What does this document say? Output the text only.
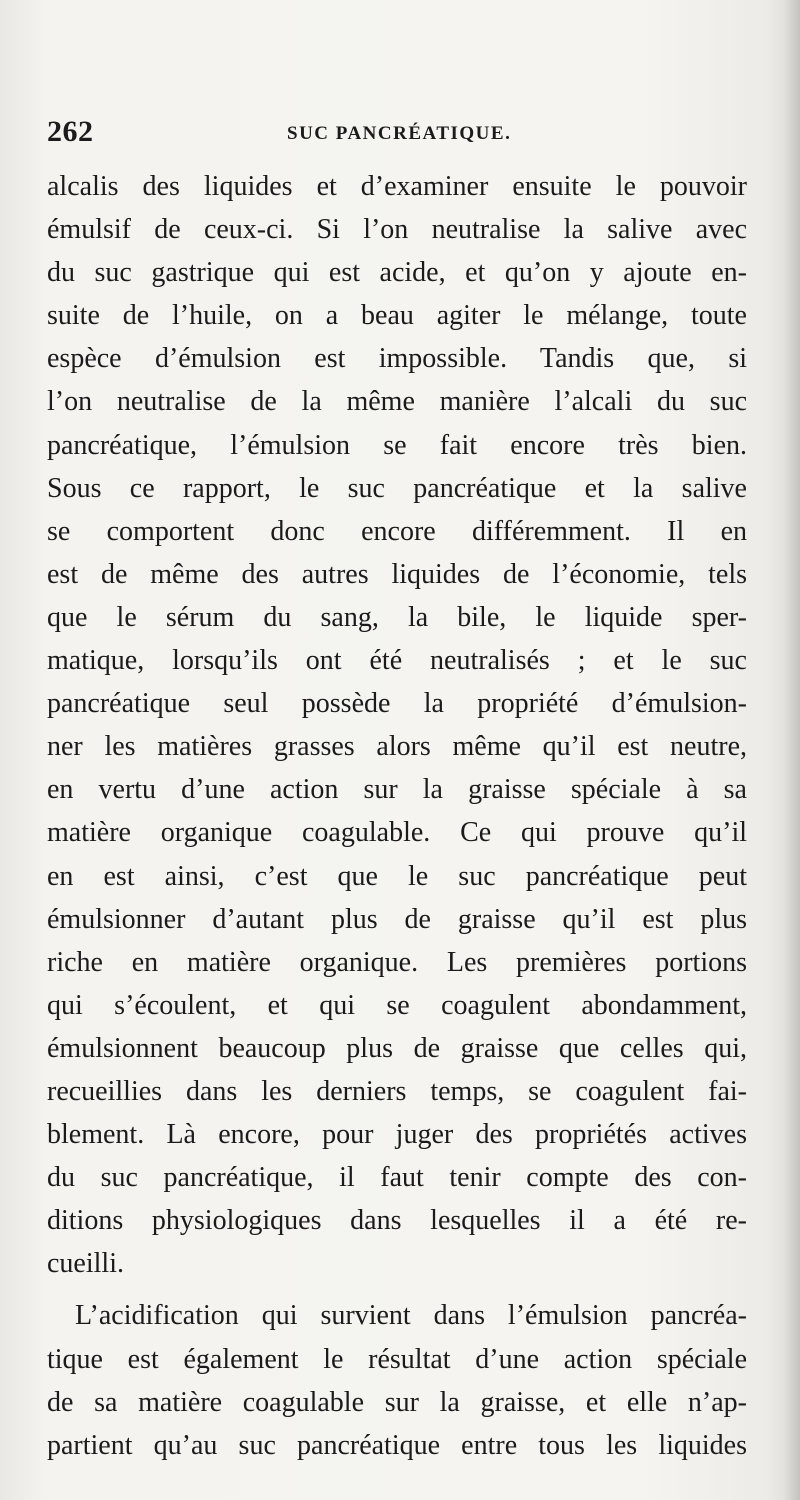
262	SUC PANCRÉATIQUE.
alcalis des liquides et d’examiner ensuite le pouvoir
émulsif de ceux-ci. Si l’on neutralise la salive avec
du suc gastrique qui est acide, et qu’on y ajoute en-
suite de l’huile, on a beau agiter le mélange, toute
espèce d’émulsion est impossible. Tandis que, si
l’on neutralise de la même manière l’alcali du suc
pancréatique, l’émulsion se fait encore très bien.
Sous ce rapport, le suc pancréatique et la salive
se comportent donc encore différemment. Il en
est de même des autres liquides de l’économie, tels
que le sérum du sang, la bile, le liquide sper-
matique, lorsqu’ils ont été neutralisés ; et le suc
pancréatique seul possède la propriété d’émulsion-
ner les matières grasses alors même qu’il est neutre,
en vertu d’une action sur la graisse spéciale à sa
matière organique coagulable. Ce qui prouve qu’il
en est ainsi, c’est que le suc pancréatique peut
émulsionner d’autant plus de graisse qu’il est plus
riche en matière organique. Les premières portions
qui s’écoulent, et qui se coagulent abondamment,
émulsionnent beaucoup plus de graisse que celles qui,
recueillies dans les derniers temps, se coagulent fai-
blement. Là encore, pour juger des propriétés actives
du suc pancréatique, il faut tenir compte des con-
ditions physiologiques dans lesquelles il a été re-
cueilli.
L’acidification qui survient dans l’émulsion pancréa-
tique est également le résultat d’une action spéciale
de sa matière coagulable sur la graisse, et elle n’ap-
partient qu’au suc pancréatique entre tous les liquides
